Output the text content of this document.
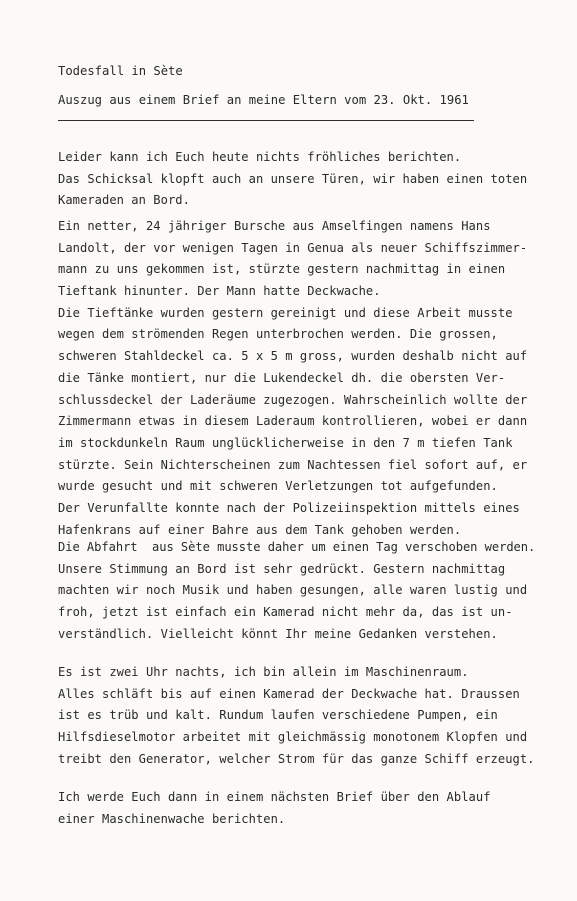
Todesfall in Sète
Auszug aus einem Brief an meine Eltern vom 23. Okt. 1961
Leider kann ich Euch heute nichts fröhliches berichten.
Das Schicksal klopft auch an unsere Türen, wir haben einen toten
Kameraden an Bord.
Ein netter, 24 jähriger Bursche aus Amselfingen namens Hans
Landolt, der vor wenigen Tagen in Genua als neuer Schiffszimmer-
mann zu uns gekommen ist, stürzte gestern nachmittag in einen
Tieftank hinunter. Der Mann hatte Deckwache.
Die Tieftänke wurden gestern gereinigt und diese Arbeit musste
wegen dem strömenden Regen unterbrochen werden. Die grossen,
schweren Stahldeckel ca. 5 x 5 m gross, wurden deshalb nicht auf
die Tänke montiert, nur die Lukendeckel dh. die obersten Ver-
schlussdeckel der Laderäume zugezogen. Wahrscheinlich wollte der
Zimmermann etwas in diesem Laderaum kontrollieren, wobei er dann
im stockdunkeln Raum unglücklicherweise in den 7 m tiefen Tank
stürzte. Sein Nichterscheinen zum Nachtessen fiel sofort auf, er
wurde gesucht und mit schweren Verletzungen tot aufgefunden.
Der Verunfallte konnte nach der Polizeiinspektion mittels eines
Hafenkrans auf einer Bahre aus dem Tank gehoben werden.
Die Abfahrt  aus Sète musste daher um einen Tag verschoben werden.
Unsere Stimmung an Bord ist sehr gedrückt. Gestern nachmittag
machten wir noch Musik und haben gesungen, alle waren lustig und
froh, jetzt ist einfach ein Kamerad nicht mehr da, das ist un-
verständlich. Vielleicht könnt Ihr meine Gedanken verstehen.
Es ist zwei Uhr nachts, ich bin allein im Maschinenraum.
Alles schläft bis auf einen Kamerad der Deckwache hat. Draussen
ist es trüb und kalt. Rundum laufen verschiedene Pumpen, ein
Hilfsdieselmotor arbeitet mit gleichmässig monotonem Klopfen und
treibt den Generator, welcher Strom für das ganze Schiff erzeugt.
Ich werde Euch dann in einem nächsten Brief über den Ablauf
einer Maschinenwache berichten.
